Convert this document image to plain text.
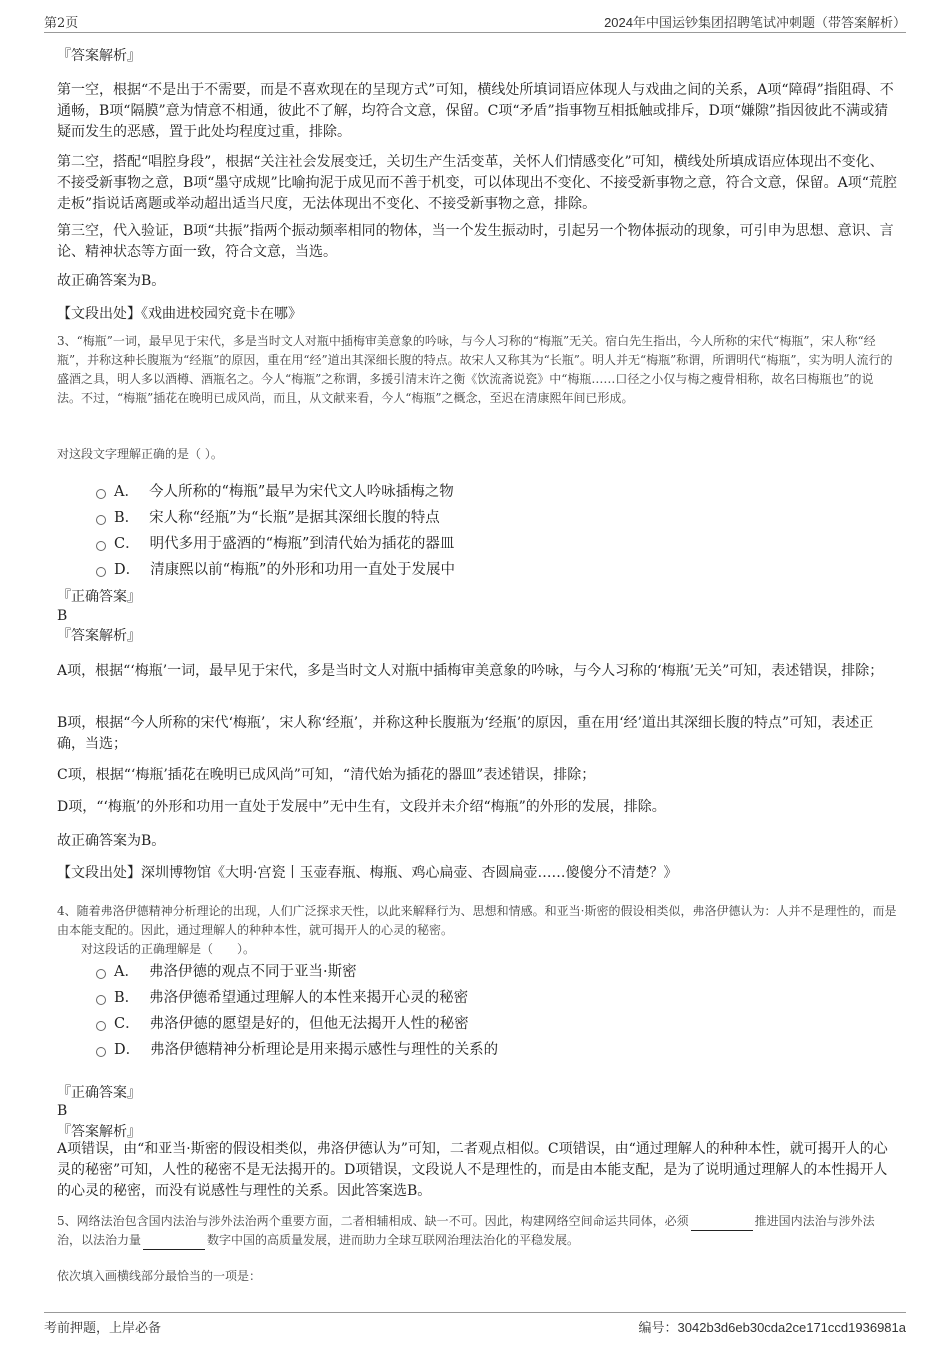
第2页	2024年中国运钞集团招聘笔试冲刺题（带答案解析）

『答案解析』

第一空，根据“不是出于不需要，而是不喜欢现在的呈现方式”可知，横线处所填词语应体现人与戏曲之间的关系，A项“障碍”指阻碍、不通畅，B项“隔膜”意为情意不相通，彼此不了解，均符合文意，保留。C项“矛盾”指事物互相抵触或排斥，D项“嫌隙”指因彼此不满或猜疑而发生的恶感，置于此处均程度过重，排除。

第二空，搭配“唱腔身段”，根据“关注社会发展变迁，关切生产生活变革，关怀人们情感变化”可知，横线处所填成语应体现出不变化、不接受新事物之意，B项“墨守成规”比喻拘泥于成见而不善于机变，可以体现出不变化、不接受新事物之意，符合文意，保留。A项“荒腔走板”指说话离题或举动超出适当尺度，无法体现出不变化、不接受新事物之意，排除。

第三空，代入验证，B项“共振”指两个振动频率相同的物体，当一个发生振动时，引起另一个物体振动的现象，可引申为思想、意识、言论、精神状态等方面一致，符合文意，当选。

故正确答案为B。

【文段出处】《戏曲进校园究竟卡在哪》

3、“梅瓶”一词，最早见于宋代，多是当时文人对瓶中插梅审美意象的吟咏，与今人习称的“梅瓶”无关。宿白先生指出，今人所称的宋代“梅瓶”，宋人称“经瓶”，并称这种长腹瓶为“经瓶”的原因，重在用“经”道出其深细长腹的特点。故宋人又称其为“长瓶”。明人并无“梅瓶”称谓，所谓明代“梅瓶”，实为明人流行的盛酒之具，明人多以酒樽、酒瓶名之。今人“梅瓶”之称谓，多援引清末许之衡《饮流斋说瓷》中“梅瓶……口径之小仅与梅之瘦骨相称，故名曰梅瓶也”的说法。不过，“梅瓶”插花在晚明已成风尚，而且，从文献来看，今人“梅瓶”之概念，至迟在清康熙年间已形成。

对这段文字理解正确的是（ ）。

A． 今人所称的“梅瓶”最早为宋代文人吟咏插梅之物
B． 宋人称“经瓶”为“长瓶”是据其深细长腹的特点
C． 明代多用于盛酒的“梅瓶”到清代始为插花的器皿
D． 清康熙以前“梅瓶”的外形和功用一直处于发展中

『正确答案』

B

『答案解析』

A项，根据“‘梅瓶’一词，最早见于宋代，多是当时文人对瓶中插梅审美意象的吟咏，与今人习称的‘梅瓶’无关”可知，表述错误，排除；

B项，根据“今人所称的宋代‘梅瓶’，宋人称‘经瓶’，并称这种长腹瓶为‘经瓶’的原因，重在用‘经’道出其深细长腹的特点”可知，表述正确，当选；

C项，根据“‘梅瓶’插花在晚明已成风尚”可知，“清代始为插花的器皿”表述错误，排除；

D项，“‘梅瓶’的外形和功用一直处于发展中”无中生有，文段并未介绍“梅瓶”的外形的发展，排除。

故正确答案为B。

【文段出处】深圳博物馆《大明·宫瓷丨玉壶春瓶、梅瓶、鸡心扁壶、杏圆扁壶……傻傻分不清楚？》

4、随着弗洛伊德精神分析理论的出现，人们广泛探求天性，以此来解释行为、思想和情感。和亚当·斯密的假设相类似，弗洛伊德认为：人并不是理性的，而是由本能支配的。因此，通过理解人的种种本性，就可揭开人的心灵的秘密。

对这段话的正确理解是（　　）。

A． 弗洛伊德的观点不同于亚当·斯密
B． 弗洛伊德希望通过理解人的本性来揭开心灵的秘密
C． 弗洛伊德的愿望是好的，但他无法揭开人性的秘密
D． 弗洛伊德精神分析理论是用来揭示感性与理性的关系的

『正确答案』

B

『答案解析』

A项错误，由“和亚当·斯密的假设相类似，弗洛伊德认为”可知，二者观点相似。C项错误，由“通过理解人的种种本性，就可揭开人的心灵的秘密”可知，人性的秘密不是无法揭开的。D项错误，文段说人不是理性的，而是由本能支配，是为了说明通过理解人的本性揭开人的心灵的秘密，而没有说感性与理性的关系。因此答案选B。

5、网络法治包含国内法治与涉外法治两个重要方面，二者相辅相成、缺一不可。因此，构建网络空间命运共同体，必须	推进国内法治与涉外法治，以法治力量	数字中国的高质量发展，进而助力全球互联网治理法治化的平稳发展。

依次填入画横线部分最恰当的一项是：

考前押题，上岸必备	编号：3042b3d6eb30cda2ce171ccd1936981a
